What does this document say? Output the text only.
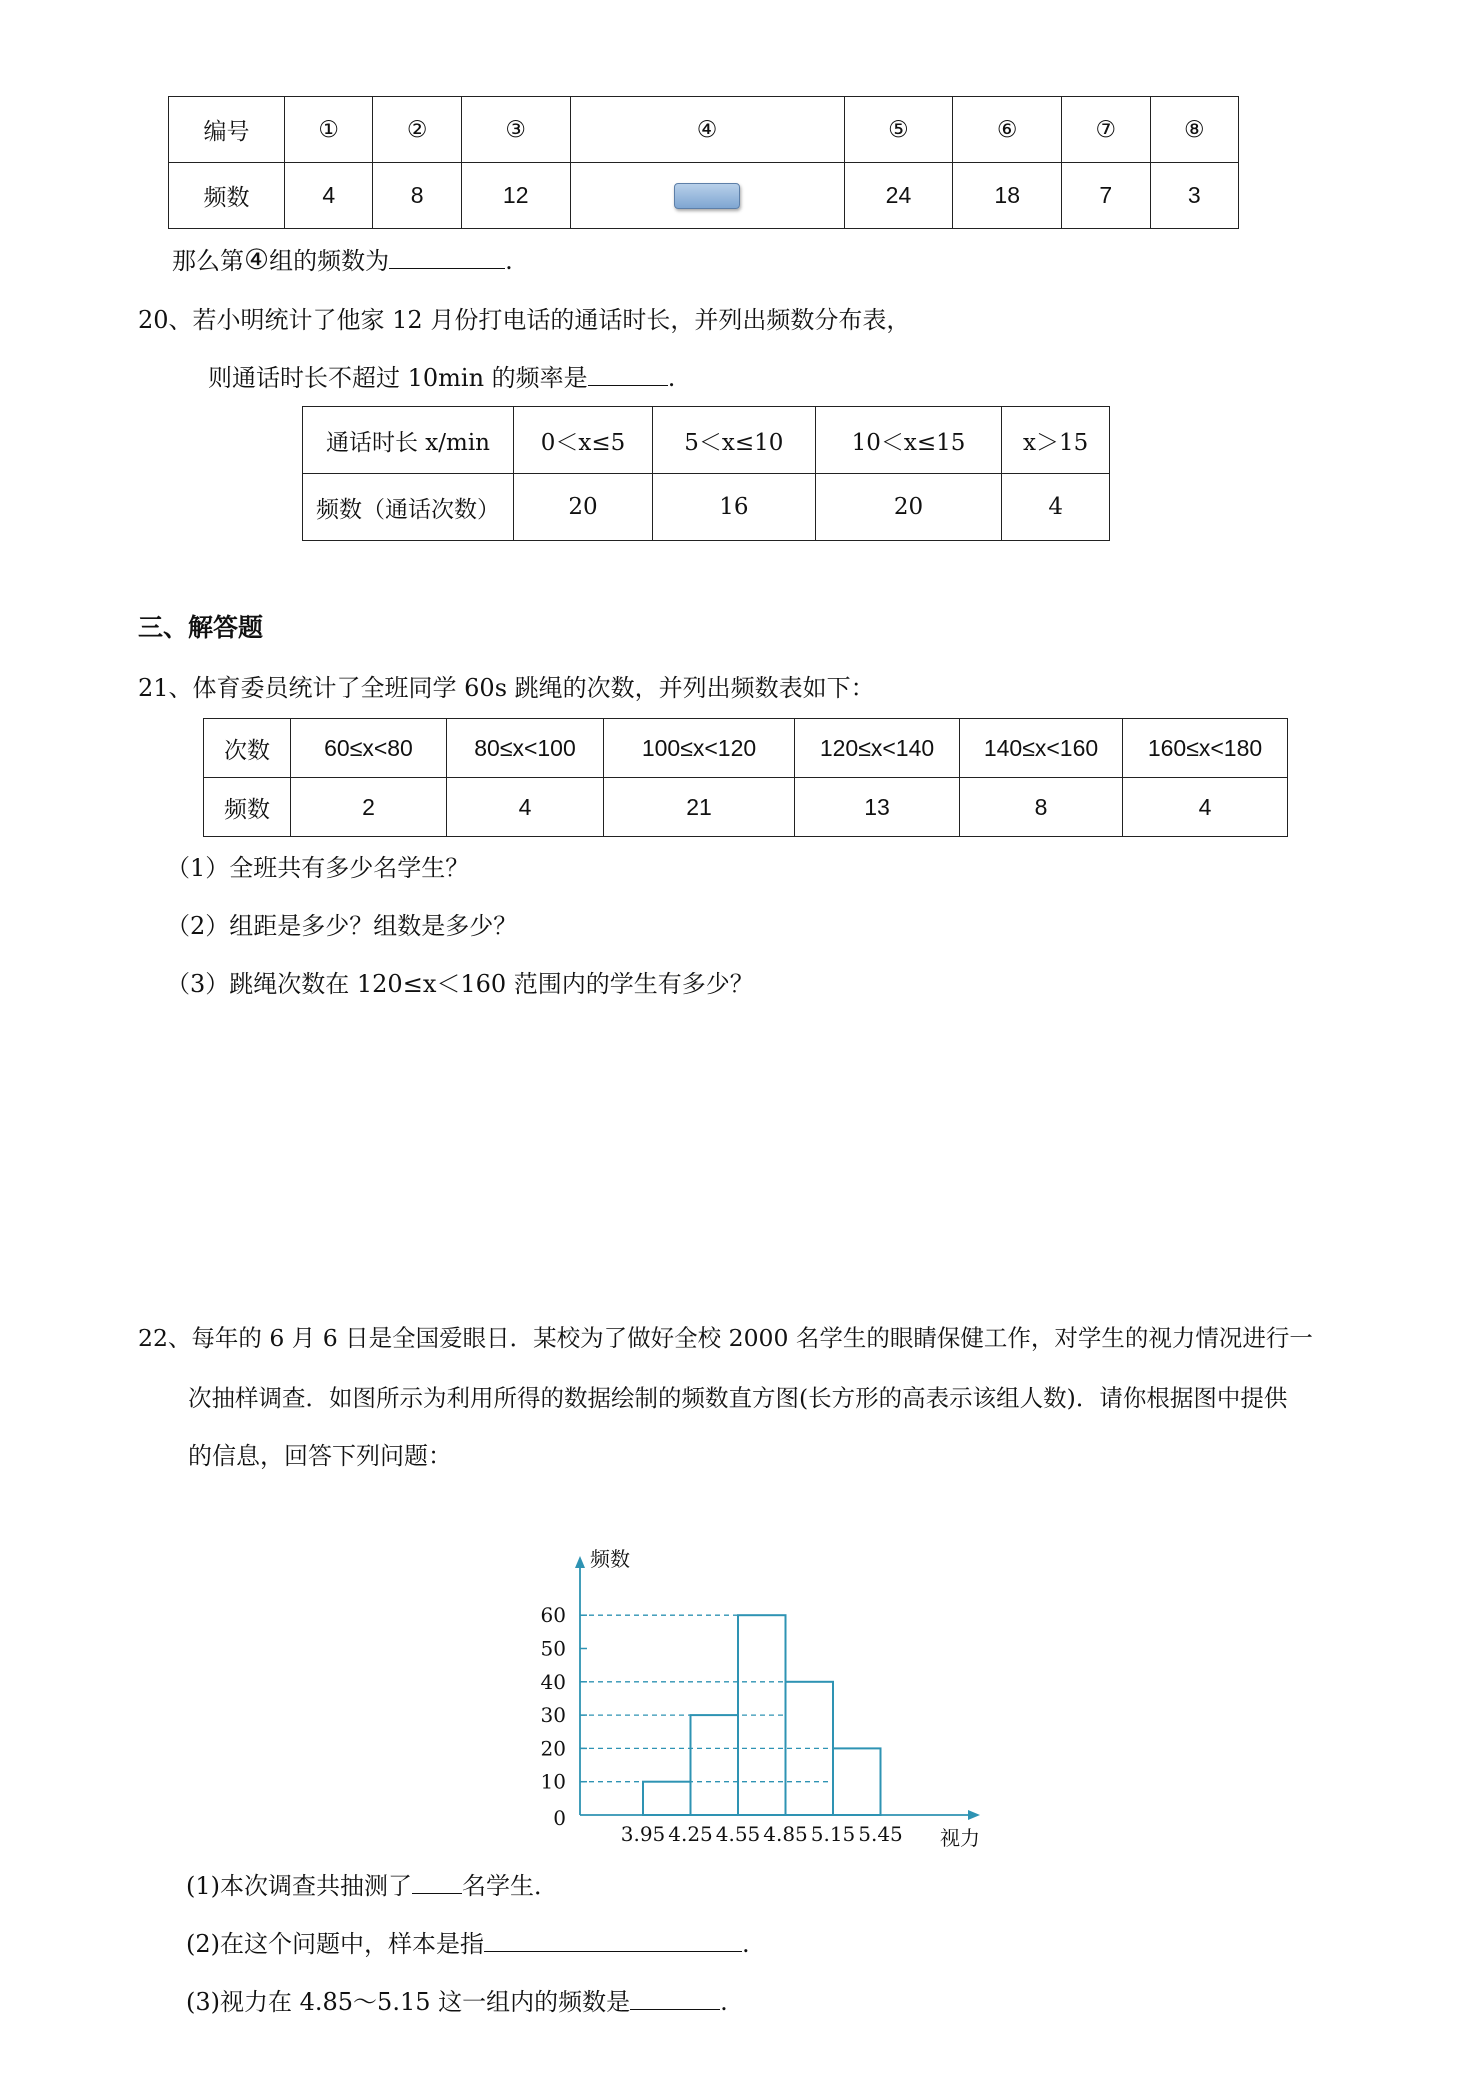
编号	①	②	③	④	⑤	⑥	⑦	⑧
频数	4	8	12		24	18	7	3
那么第④组的频数为	.
20、若小明统计了他家 12 月份打电话的通话时长，并列出频数分布表，
则通话时长不超过 10min 的频率是	.
通话时长 x/min	0＜x≤5	5＜x≤10	10＜x≤15	x＞15
频数（通话次数）	20	16	20	4
三、解答题
21、体育委员统计了全班同学 60s 跳绳的次数，并列出频数表如下：
次数	60≤x<80	80≤x<100	100≤x<120	120≤x<140	140≤x<160	160≤x<180
频数	2	4	21	13	8	4
（1）全班共有多少名学生？
（2）组距是多少？组数是多少？
（3）跳绳次数在 120≤x＜160 范围内的学生有多少？
22、每年的 6 月 6 日是全国爱眼日．某校为了做好全校 2000 名学生的眼睛保健工作，对学生的视力情况进行一
次抽样调查．如图所示为利用所得的数据绘制的频数直方图(长方形的高表示该组人数)．请你根据图中提供
的信息，回答下列问题：
0
10
20
30
40
50
60
3.95 4.25 4.55 4.85 5.15 5.45
频数
视力
(1)本次调查共抽测了 名学生．
(2)在这个问题中，样本是指	.
(3)视力在 4.85～5.15 这一组内的频数是	.
